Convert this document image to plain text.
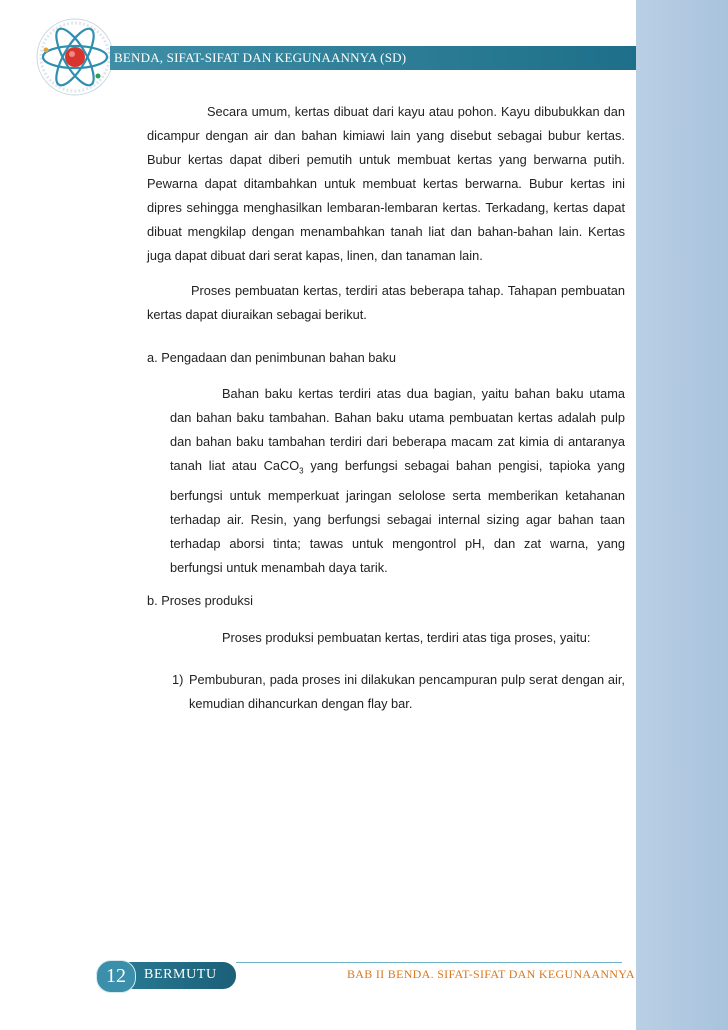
BENDA, SIFAT-SIFAT DAN KEGUNAANNYA (SD)

Secara umum, kertas dibuat dari kayu atau pohon. Kayu dibubukkan dan dicampur dengan air dan bahan kimiawi lain yang disebut sebagai bubur kertas. Bubur kertas dapat diberi pemutih untuk membuat kertas yang berwarna putih. Pewarna dapat ditambahkan untuk membuat kertas berwarna. Bubur kertas ini dipres sehingga menghasilkan lembaran-lembaran kertas. Terkadang, kertas dapat dibuat mengkilap dengan menambahkan tanah liat dan bahan-bahan lain. Kertas juga dapat dibuat dari serat kapas, linen, dan tanaman lain.

Proses pembuatan kertas, terdiri atas beberapa tahap. Tahapan pembuatan kertas dapat diuraikan sebagai berikut.

a. Pengadaan dan penimbunan bahan baku

Bahan baku kertas terdiri atas dua bagian, yaitu bahan baku utama dan bahan baku tambahan. Bahan baku utama pembuatan kertas adalah pulp dan bahan baku tambahan terdiri dari beberapa macam zat kimia di antaranya tanah liat atau CaCO$_3$ yang berfungsi sebagai bahan pengisi, tapioka yang berfungsi untuk memperkuat jaringan selolose serta memberikan ketahanan terhadap air. Resin, yang berfungsi sebagai internal sizing agar bahan taan terhadap aborsi tinta; tawas untuk mengontrol pH, dan zat warna, yang berfungsi untuk menambah daya tarik.

b. Proses produksi
Proses produksi pembuatan kertas, terdiri atas tiga proses, yaitu:
1) Pembuburan, pada proses ini dilakukan pencampuran pulp serat dengan air, kemudian dihancurkan dengan flay bar.

12	BERMUTU	BAB II BENDA. SIFAT-SIFAT DAN KEGUNAANNYA
